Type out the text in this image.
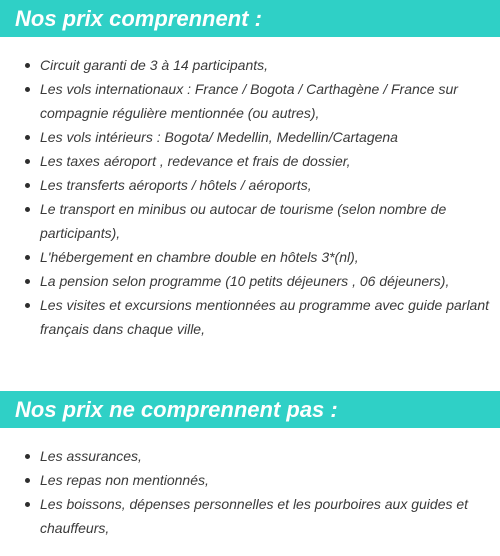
Nos prix comprennent :
Circuit garanti de 3 à 14 participants,
Les vols internationaux : France / Bogota / Carthagène / France sur compagnie régulière mentionnée (ou autres),
Les vols intérieurs : Bogota/ Medellin, Medellin/Cartagena
Les taxes aéroport , redevance et frais de dossier,
Les transferts aéroports / hôtels / aéroports,
Le transport en minibus ou autocar de tourisme (selon nombre de participants),
L'hébergement en chambre double en hôtels 3*(nl),
La pension selon programme (10 petits déjeuners , 06 déjeuners),
Les visites et excursions mentionnées au programme avec guide parlant français dans chaque ville,
Nos prix ne comprennent pas :
Les assurances,
Les repas non mentionnés,
Les boissons, dépenses personnelles et les pourboires aux guides et chauffeurs,
